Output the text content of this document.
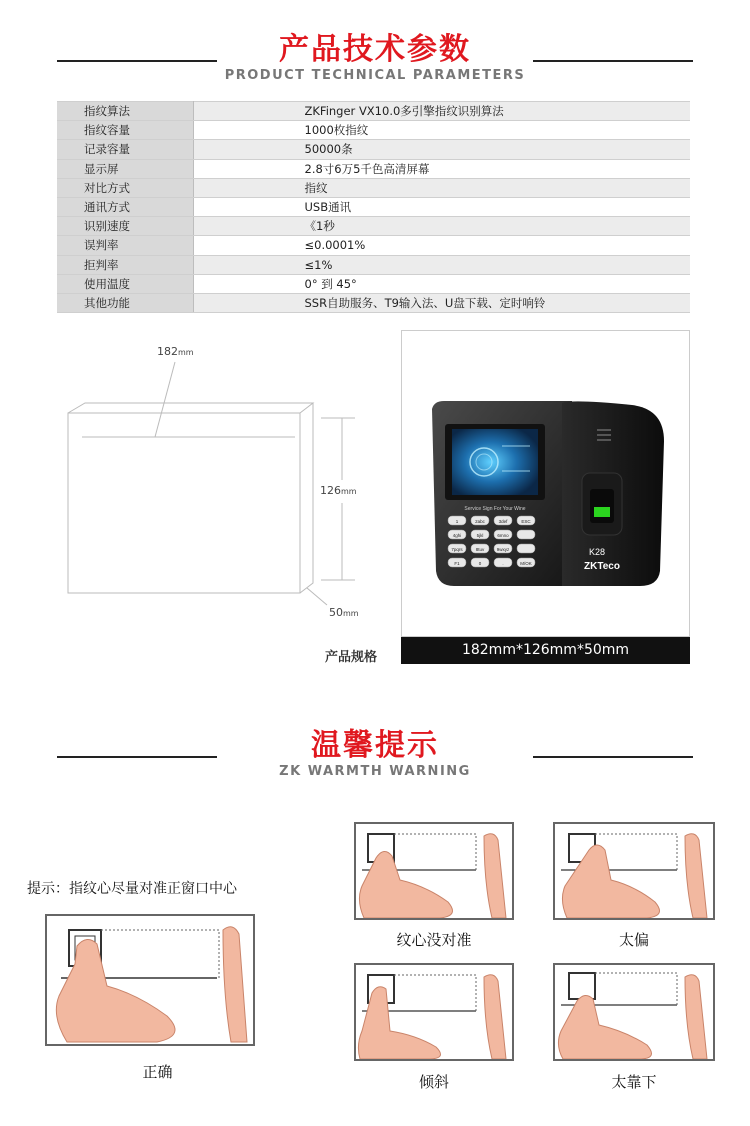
产品技术参数
PRODUCT TECHNICAL PARAMETERS
指纹算法	ZKFinger VX10.0多引擎指纹识别算法
指纹容量	1000枚指纹
记录容量	50000条
显示屏	2.8寸6万5千色高清屏幕
对比方式	指纹
通讯方式	USB通讯
识别速度	《1秒
误判率	≤0.0001%
拒判率	≤1%
使用温度	0° 到 45°
其他功能	SSR自助服务、T9输入法、U盘下载、定时响铃
182mm
126mm
50mm
Service Sign For Your Wine
K28
ZKTeco
1	2abc	3def	ESC
4ghi	5jkl	6mno
7pqrs	8tuv	9wxyz
F1	0	.	M/OK
产品规格	182mm*126mm*50mm
温馨提示
ZK WARMTH WARNING
提示：指纹心尽量对准正窗口中心
正确
纹心没对准	太偏
倾斜	太靠下
